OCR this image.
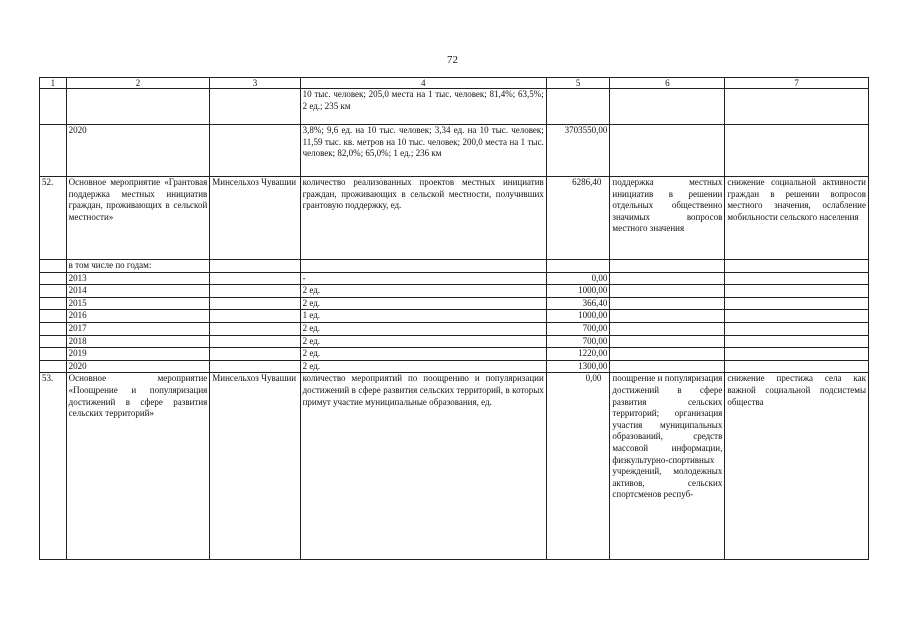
72
1	2	3	4	5	6	7
			10 тыс. человек; 205,0 места на 1 тыс. человек; 81,4%; 63,5%; 2 ед.; 235 км			
	2020		3,8%; 9,6 ед. на 10 тыс. человек; 3,34 ед. на 10 тыс. человек; 11,59 тыс. кв. метров на 10 тыс. человек; 200,0 места на 1 тыс. человек; 82,0%; 65,0%; 1 ед.; 236 км	3703550,00		
52.	Основное мероприятие «Грантовая поддержка местных инициатив граждан, проживающих в сельской местности»	Минсельхоз Чувашии	количество реализованных проектов местных инициатив граждан, проживающих в сельской местности, получивших грантовую поддержку, ед.	6286,40	поддержка местных инициатив в решении отдельных общественно значимых вопросов местного значения	снижение социальной активности граждан в решении вопросов местного значения, ослабление мобильности сельского населения
	в том числе по годам:					
	2013		-	0,00		
	2014		2 ед.	1000,00		
	2015		2 ед.	366,40		
	2016		1 ед.	1000,00		
	2017		2 ед.	700,00		
	2018		2 ед.	700,00		
	2019		2 ед.	1220,00		
	2020		2 ед.	1300,00		
53.	Основное мероприятие «Поощрение и популяризация достижений в сфере развития сельских территорий»	Минсельхоз Чувашии	количество мероприятий по поощрению и популяризации достижений в сфере развития сельских территорий, в которых примут участие муниципальные образования, ед.	0,00	поощрение и популяризация достижений в сфере развития сельских территорий; организация участия муниципальных образований, средств массовой информации, физкультурно-спортивных учреждений, молодежных активов, сельских спортсменов респуб-	снижение престижа села как важной социальной подсистемы общества
